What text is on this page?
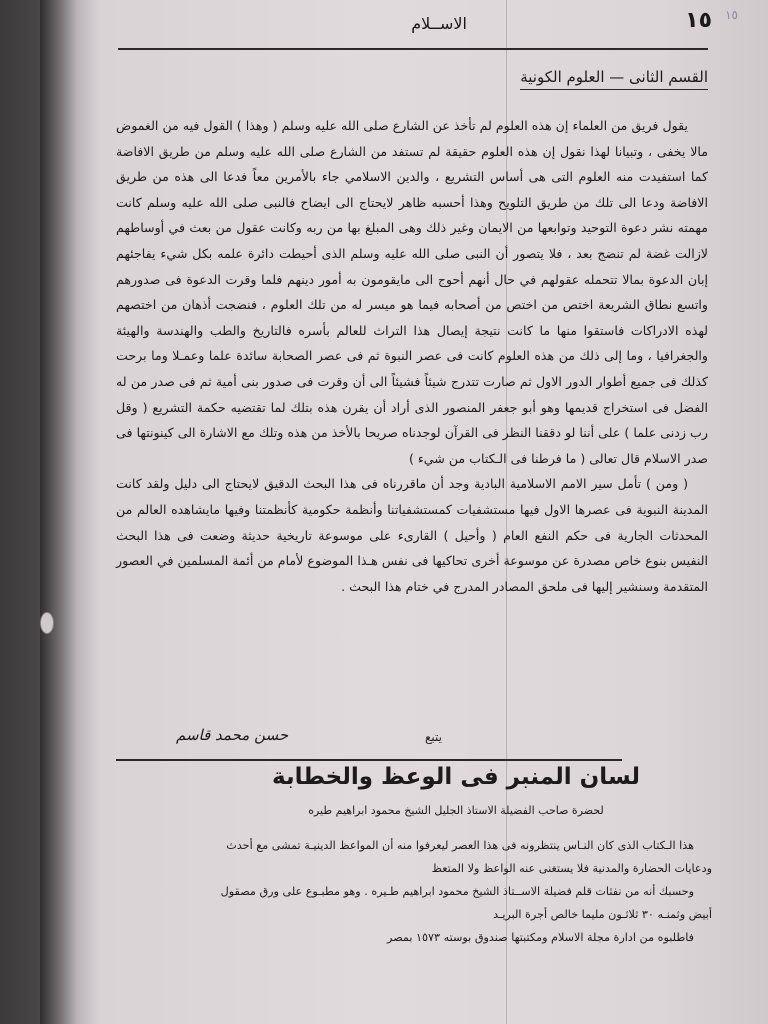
١٥ ١٥
الاســلام
القسم الثانى — العلوم الكونية

يقول فريق من العلماء إن هذه العلوم لم تأخذ عن الشارع صلى الله عليه وسلم ( وهذا ) القول فيه من الغموض مالا يخفى ، وتبيانا لهذا نقول إن هذه العلوم حقيقة لم تستفد من الشارع صلى الله عليه وسلم من طريق الافاضة كما استفيدت منه العلوم التى هى أساس التشريع ، والدين الاسلامي جاء بالأمرين معاً فدعا الى هذه من طريق الافاضة ودعا الى تلك من طريق التلويح وهذا أحسبه ظاهر لايحتاج الى ايضاح فالنبى صلى الله عليه وسلم كانت مهمته نشر دعوة التوحيد وتوابعها من الايمان وغير ذلك وهى المبلغ بها من ربه وكانت عقول من بعث في أوساطهم لازالت غضة لم تنضج بعد ، فلا يتصور أن النبى صلى الله عليه وسلم الذى أحيطت دائرة علمه بكل شيء يفاجئهم إبان الدعوة بمالا تتحمله عقولهم في حال أنهم أحوج الى مايقومون به أمور دينهم فلما وقرت الدعوة فى صدورهم واتسع نطاق الشريعة اختص من اختص من أصحابه فيما هو ميسر له من تلك العلوم ، فنضجت أذهان من اختصهم لهذه الادراكات فاستقوا منها ما كانت نتيجة إيصال هذا التراث للعالم بأسره فالتاريخ والطب والهندسة والهيئة والجغرافيا ، وما إلى ذلك من هذه العلوم كانت فى عصر النبوة ثم فى عصر الصحابة سائدة علما وعمـلا وما برحت كذلك فى جميع أطوار الدور الاول ثم صارت تتدرج شيئاً فشيئاً الى أن وقرت فى صدور بنى أمية ثم فى صدر من له الفضل فى استخراج قديمها وهو أبو جعفر المنصور الذى أراد أن يقرن هذه بتلك لما تقتضيه حكمة التشريع ( وقل رب زدنى علما ) على أننا لو دققنا النظر فى القرآن لوجدناه صريحا بالأخذ من هذه وتلك مع الاشارة الى كينونتها فى صدر الاسلام قال تعالى ( ما فرطنا فى الـكتاب من شيء )

( ومن ) تأمل سير الامم الاسلامية البادية وجد أن ماقررناه فى هذا البحث الدقيق لايحتاج الى دليل ولقد كانت المدينة النبوية فى عصرها الاول فيها مستشفيات كمستشفياتنا وأنظمة حكومية كأنظمتنا وفيها مايشاهده العالم من المحدثات الجارية فى حكم النفع العام ( وأحيل ) القارىء على موسوعة تاريخية حديثة وضعت فى هذا البحث النفيس بنوع خاص مصدرة عن موسوعة أخرى تحاكيها فى نفس هـذا الموضوع لأمام من أئمة المسلمين في العصور المتقدمة وسنشير إليها فى ملحق المصادر المدرج في ختام هذا البحث .

يتبع
حسن محمد قاسم
لسان المنبر فى الوعظ والخطابة
لحضرة صاحب الفضيلة الاستاذ الجليل الشيخ محمود ابراهيم طيره

هذا الـكتاب الذى كان النـاس ينتظرونه فى هذا العصر ليعرفوا منه أن المواعظ الدينيـة تمشى مع أحدث

ودعايات الحضارة والمدنية فلا يستغنى عنه الواعظ ولا المتعظ

وحسبك أنه من نفثات قلم فضيلة الاســتاذ الشيخ محمود ابراهيم طـيره . وهو مطبـوع على ورق مصقول

أبيض وثمنـه ٣٠ ثلاثـون مليما خالص أجرة البريـد

فاطلبوه من ادارة مجلة الاسلام ومكتبتها صندوق بوسته ١٥٧٣ بمصر
